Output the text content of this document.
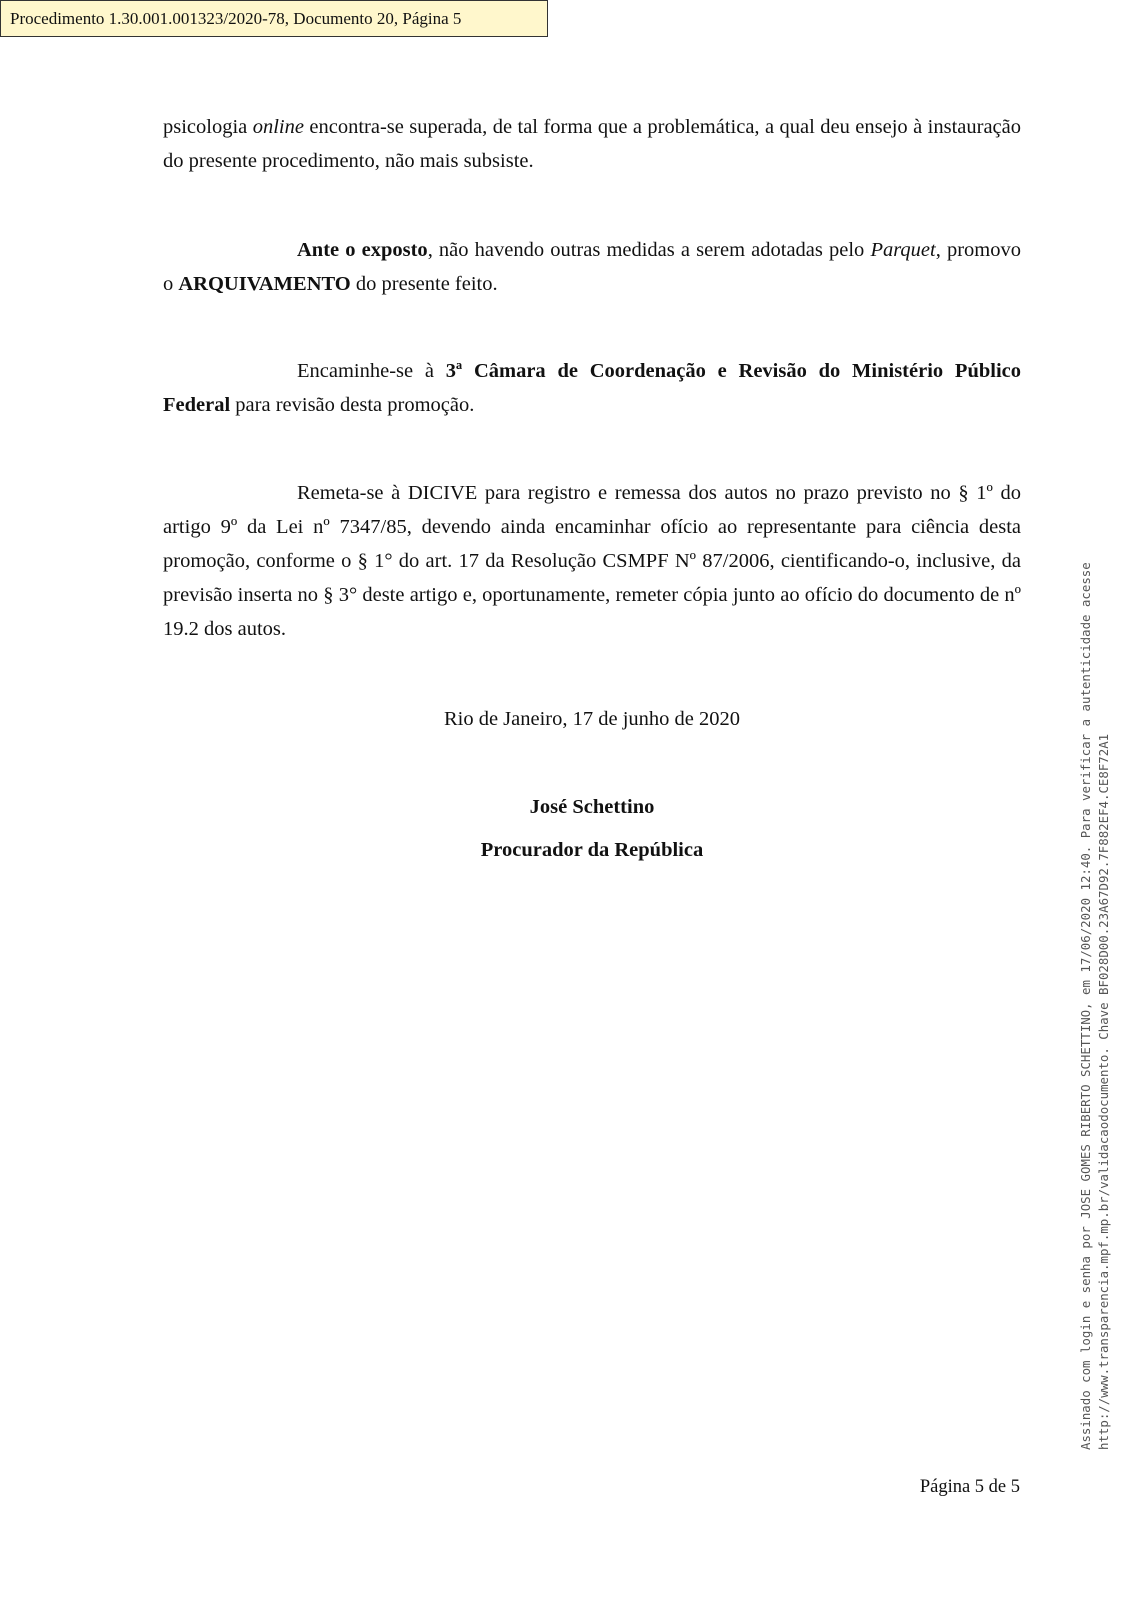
Procedimento 1.30.001.001323/2020-78, Documento 20, Página 5

psicologia online encontra-se superada, de tal forma que a problemática, a qual deu ensejo à instauração do presente procedimento, não mais subsiste.

Ante o exposto, não havendo outras medidas a serem adotadas pelo Parquet, promovo o ARQUIVAMENTO do presente feito.

Encaminhe-se à 3ª Câmara de Coordenação e Revisão do Ministério Público Federal para revisão desta promoção.

Remeta-se à DICIVE para registro e remessa dos autos no prazo previsto no § 1º do artigo 9º da Lei nº 7347/85, devendo ainda encaminhar ofício ao representante para ciência desta promoção, conforme o § 1° do art. 17 da Resolução CSMPF Nº 87/2006, cientificando-o, inclusive, da previsão inserta no § 3° deste artigo e, oportunamente, remeter cópia junto ao ofício do documento de nº 19.2 dos autos.

Rio de Janeiro, 17 de junho de 2020

José Schettino

Procurador da República

Página 5 de 5
Assinado com login e senha por JOSE GOMES RIBERTO SCHETTINO, em 17/06/2020 12:40. Para verificar a autenticidade acesse http://www.transparencia.mpf.mp.br/validacaodocumento. Chave BF028D00.23A67D92.7F882EF4.CE8F72A1
